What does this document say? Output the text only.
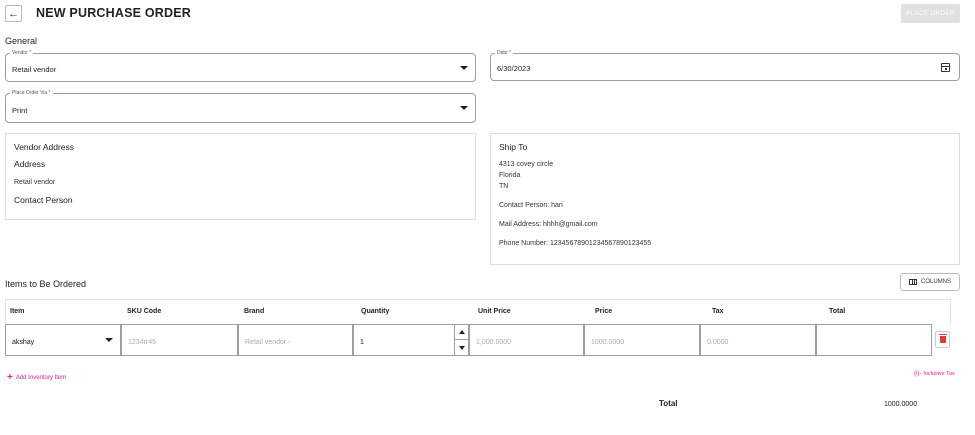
← NEW PURCHASE ORDER	PLACE ORDER
General
Vendor *
Retail vendor
Date *
6/30/2023
Place Order Via *
Print
Vendor Address
Address
Retail vendor
Contact Person
Ship To
4313 covey circle
Florida
TN
Contact Person: hari
Mail Address: hhhh@gmail.com
Phone Number: 12345678901234567890123455
Items to Be Ordered	COLUMNS
Item	SKU Code	Brand	Quantity	Unit Price	Price	Tax	Total
akshay	1234rr45	Retail vendor -	1	1,000.0000	1000.0000	0.0000
+ Add Inventory Item
(i)- Inclusive Tax
Total	1000.0000
